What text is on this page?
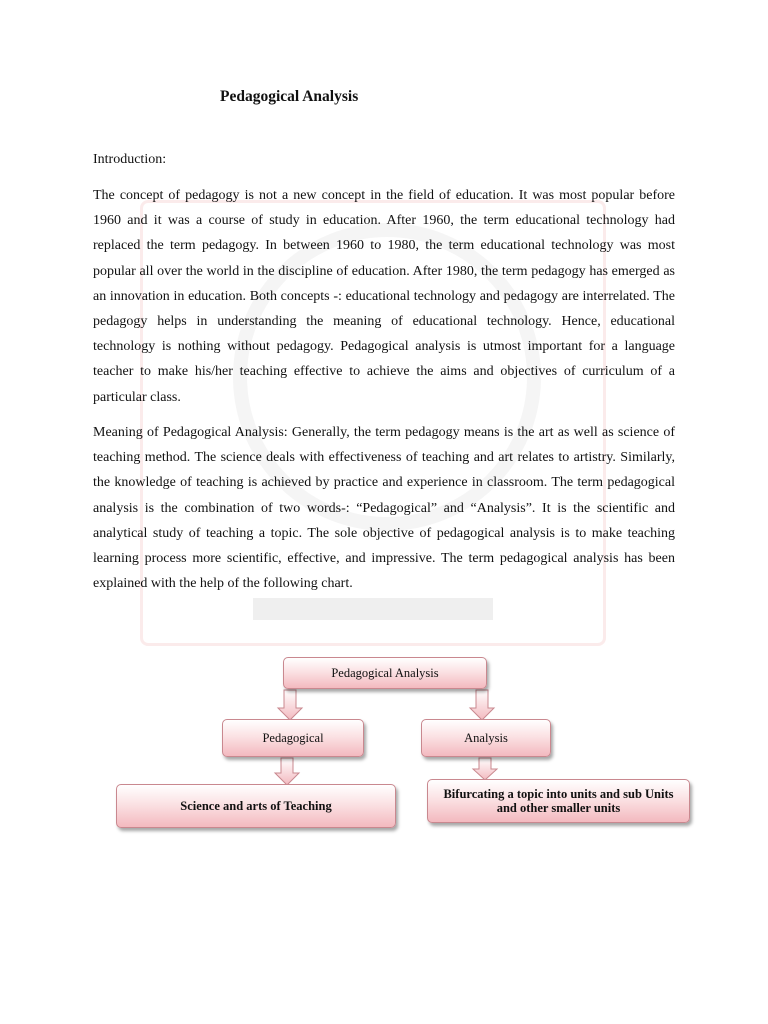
Pedagogical Analysis

Introduction:

The concept of pedagogy is not a new concept in the field of education. It was most popular before 1960 and it was a course of study in education. After 1960, the term educational technology had replaced the term pedagogy. In between 1960 to 1980, the term educational technology was most popular all over the world in the discipline of education. After 1980, the term pedagogy has emerged as an innovation in education. Both concepts -: educational technology and pedagogy are interrelated. The pedagogy helps in understanding the meaning of educational technology. Hence, educational technology is nothing without pedagogy. Pedagogical analysis is utmost important for a language teacher to make his/her teaching effective to achieve the aims and objectives of curriculum of a particular class.

Meaning of Pedagogical Analysis: Generally, the term pedagogy means is the art as well as science of teaching method. The science deals with effectiveness of teaching and art relates to artistry. Similarly, the knowledge of teaching is achieved by practice and experience in classroom. The term pedagogical analysis is the combination of two words-: “Pedagogical” and “Analysis”. It is the scientific and analytical study of teaching a topic. The sole objective of pedagogical analysis is to make teaching learning process more scientific, effective, and impressive. The term pedagogical analysis has been explained with the help of the following chart.

Pedagogical Analysis
Pedagogical	Analysis
Science and arts of Teaching
Bifurcating a topic into units and sub Units and other smaller units
